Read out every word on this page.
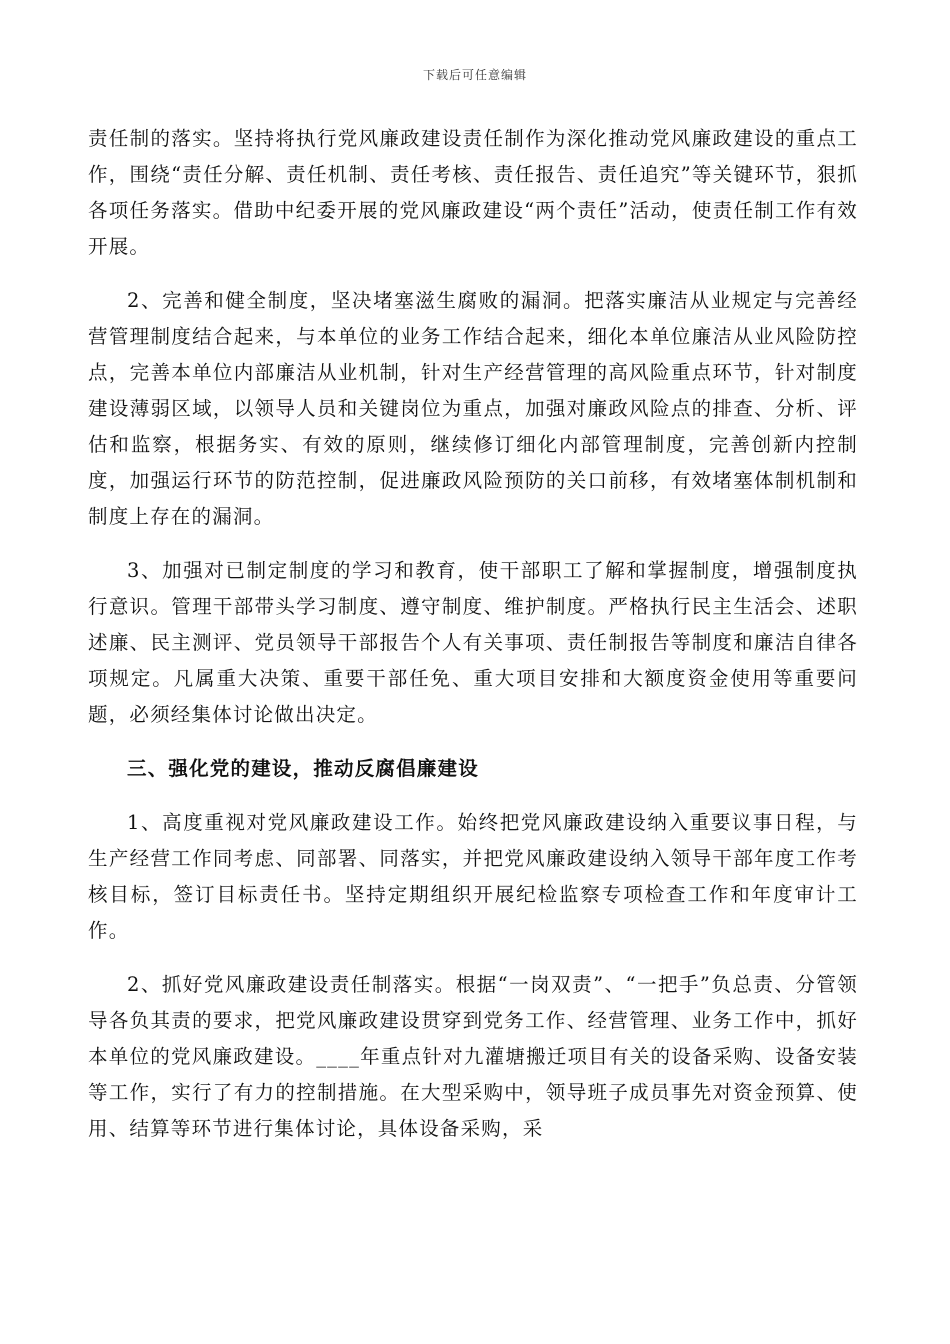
下载后可任意编辑

责任制的落实。坚持将执行党风廉政建设责任制作为深化推动党风廉政建设的重点工作，围绕“责任分解、责任机制、责任考核、责任报告、责任追究”等关键环节，狠抓各项任务落实。借助中纪委开展的党风廉政建设“两个责任”活动，使责任制工作有效开展。

2、完善和健全制度，坚决堵塞滋生腐败的漏洞。把落实廉洁从业规定与完善经营管理制度结合起来，与本单位的业务工作结合起来，细化本单位廉洁从业风险防控点，完善本单位内部廉洁从业机制，针对生产经营管理的高风险重点环节，针对制度建设薄弱区域，以领导人员和关键岗位为重点，加强对廉政风险点的排查、分析、评估和监察，根据务实、有效的原则，继续修订细化内部管理制度，完善创新内控制度，加强运行环节的防范控制，促进廉政风险预防的关口前移，有效堵塞体制机制和制度上存在的漏洞。

3、加强对已制定制度的学习和教育，使干部职工了解和掌握制度，增强制度执行意识。管理干部带头学习制度、遵守制度、维护制度。严格执行民主生活会、述职述廉、民主测评、党员领导干部报告个人有关事项、责任制报告等制度和廉洁自律各项规定。凡属重大决策、重要干部任免、重大项目安排和大额度资金使用等重要问题，必须经集体讨论做出决定。

三、强化党的建设，推动反腐倡廉建设

1、高度重视对党风廉政建设工作。始终把党风廉政建设纳入重要议事日程，与生产经营工作同考虑、同部署、同落实，并把党风廉政建设纳入领导干部年度工作考核目标，签订目标责任书。坚持定期组织开展纪检监察专项检查工作和年度审计工作。

2、抓好党风廉政建设责任制落实。根据“一岗双责”、“一把手”负总责、分管领导各负其责的要求，把党风廉政建设贯穿到党务工作、经营管理、业务工作中，抓好本单位的党风廉政建设。____年重点针对九灌塘搬迁项目有关的设备采购、设备安装等工作，实行了有力的控制措施。在大型采购中，领导班子成员事先对资金预算、使用、结算等环节进行集体讨论，具体设备采购，采
